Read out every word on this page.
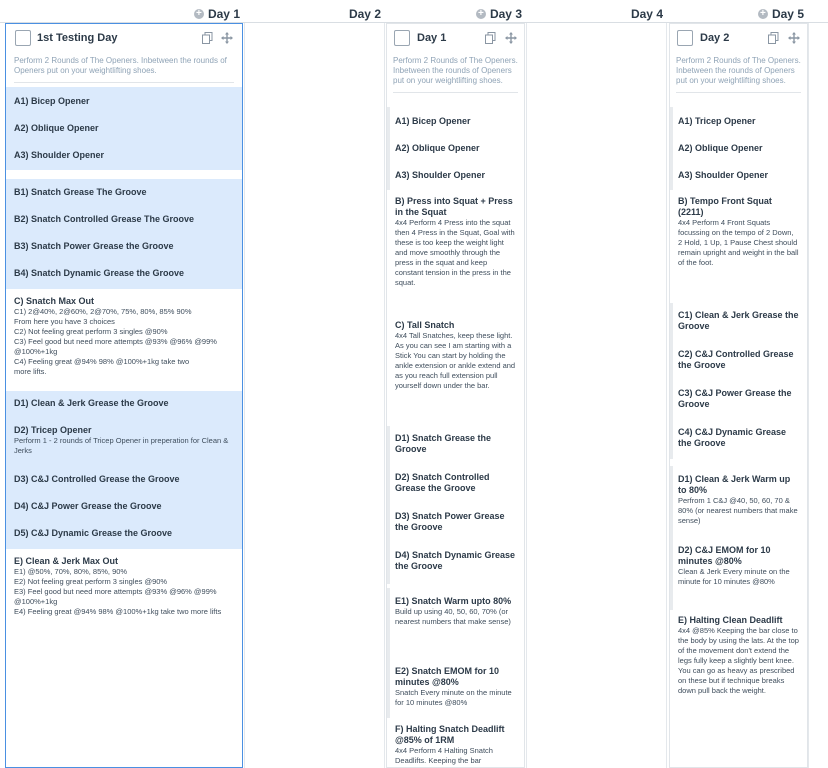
+ Day 1	Day 2	+ Day 3	Day 4	+ Day 5
1st Testing Day
Perform 2 Rounds of The Openers. Inbetween the rounds of Openers put on your weightlifting shoes.
A1) Bicep Opener
A2) Oblique Opener
A3) Shoulder Opener
B1) Snatch Grease The Groove
B2) Snatch Controlled Grease The Groove
B3) Snatch Power Grease the Groove
B4) Snatch Dynamic Grease the Groove
C) Snatch Max Out
C1) 2@40%, 2@60%, 2@70%, 75%, 80%, 85% 90%
From here you have 3 choices
C2) Not feeling great perform 3 singles @90%
C3) Feel good but need more attempts @93% @96% @99% @100%+1kg
C4) Feeling great @94% 98% @100%+1kg take two
more lifts.
D1) Clean & Jerk Grease the Groove
D2) Tricep Opener
Perform 1 - 2 rounds of Tricep Opener in preperation for Clean & Jerks
D3) C&J Controlled Grease the Groove
D4) C&J Power Grease the Groove
D5) C&J Dynamic Grease the Groove
E) Clean & Jerk Max Out
E1) @50%, 70%, 80%, 85%, 90%
E2) Not feeling great perform 3 singles @90%
E3) Feel good but need more attempts @93% @96% @99% @100%+1kg
E4) Feeling great @94% 98% @100%+1kg take two more lifts
Day 1
Perform 2 Rounds of The Openers. Inbetween the rounds of Openers put on your weightlifting shoes.
A1) Bicep Opener
A2) Oblique Opener
A3) Shoulder Opener
B) Press into Squat + Press in the Squat
4x4 Perform 4 Press into the squat then 4 Press in the Squat, Goal with these is too keep the weight light and move smoothly through the press in the squat and keep constant tension in the press in the squat.
C) Tall Snatch
4x4 Tall Snatches, keep these light. As you can see I am starting with a Stick You can start by holding the ankle extension or ankle extend and as you reach full extension pull yourself down under the bar.
D1) Snatch Grease the Groove
D2) Snatch Controlled Grease the Groove
D3) Snatch Power Grease the Groove
D4) Snatch Dynamic Grease the Groove
E1) Snatch Warm upto 80%
Build up using 40, 50, 60, 70% (or nearest numbers that make sense)
E2) Snatch EMOM for 10 minutes @80%
Snatch Every minute on the minute for 10 minutes @80%
F) Halting Snatch Deadlift @85% of 1RM
4x4 Perform 4 Halting Snatch Deadlifts. Keeping the bar
Day 2
Perform 2 Rounds of The Openers. Inbetween the rounds of Openers put on your weightlifting shoes.
A1) Tricep Opener
A2) Oblique Opener
A3) Shoulder Opener
B) Tempo Front Squat (2211)
4x4 Perform 4 Front Squats focussing on the tempo of 2 Down, 2 Hold, 1 Up, 1 Pause Chest should remain upright and weight in the ball of the foot.
C1) Clean & Jerk Grease the Groove
C2) C&J Controlled Grease the Groove
C3) C&J Power Grease the Groove
C4) C&J Dynamic Grease the Groove
D1) Clean & Jerk Warm up to 80%
Perfrom 1 C&J @40, 50, 60, 70 & 80% (or nearest numbers that make sense)
D2) C&J EMOM for 10 minutes @80%
Clean & Jerk Every minute on the minute for 10 minutes @80%
E) Halting Clean Deadlift
4x4 @85% Keeping the bar close to the body by using the lats. At the top of the movement don't extend the legs fully keep a slightly bent knee. You can go as heavy as prescribed on these but if technique breaks down pull back the weight.
